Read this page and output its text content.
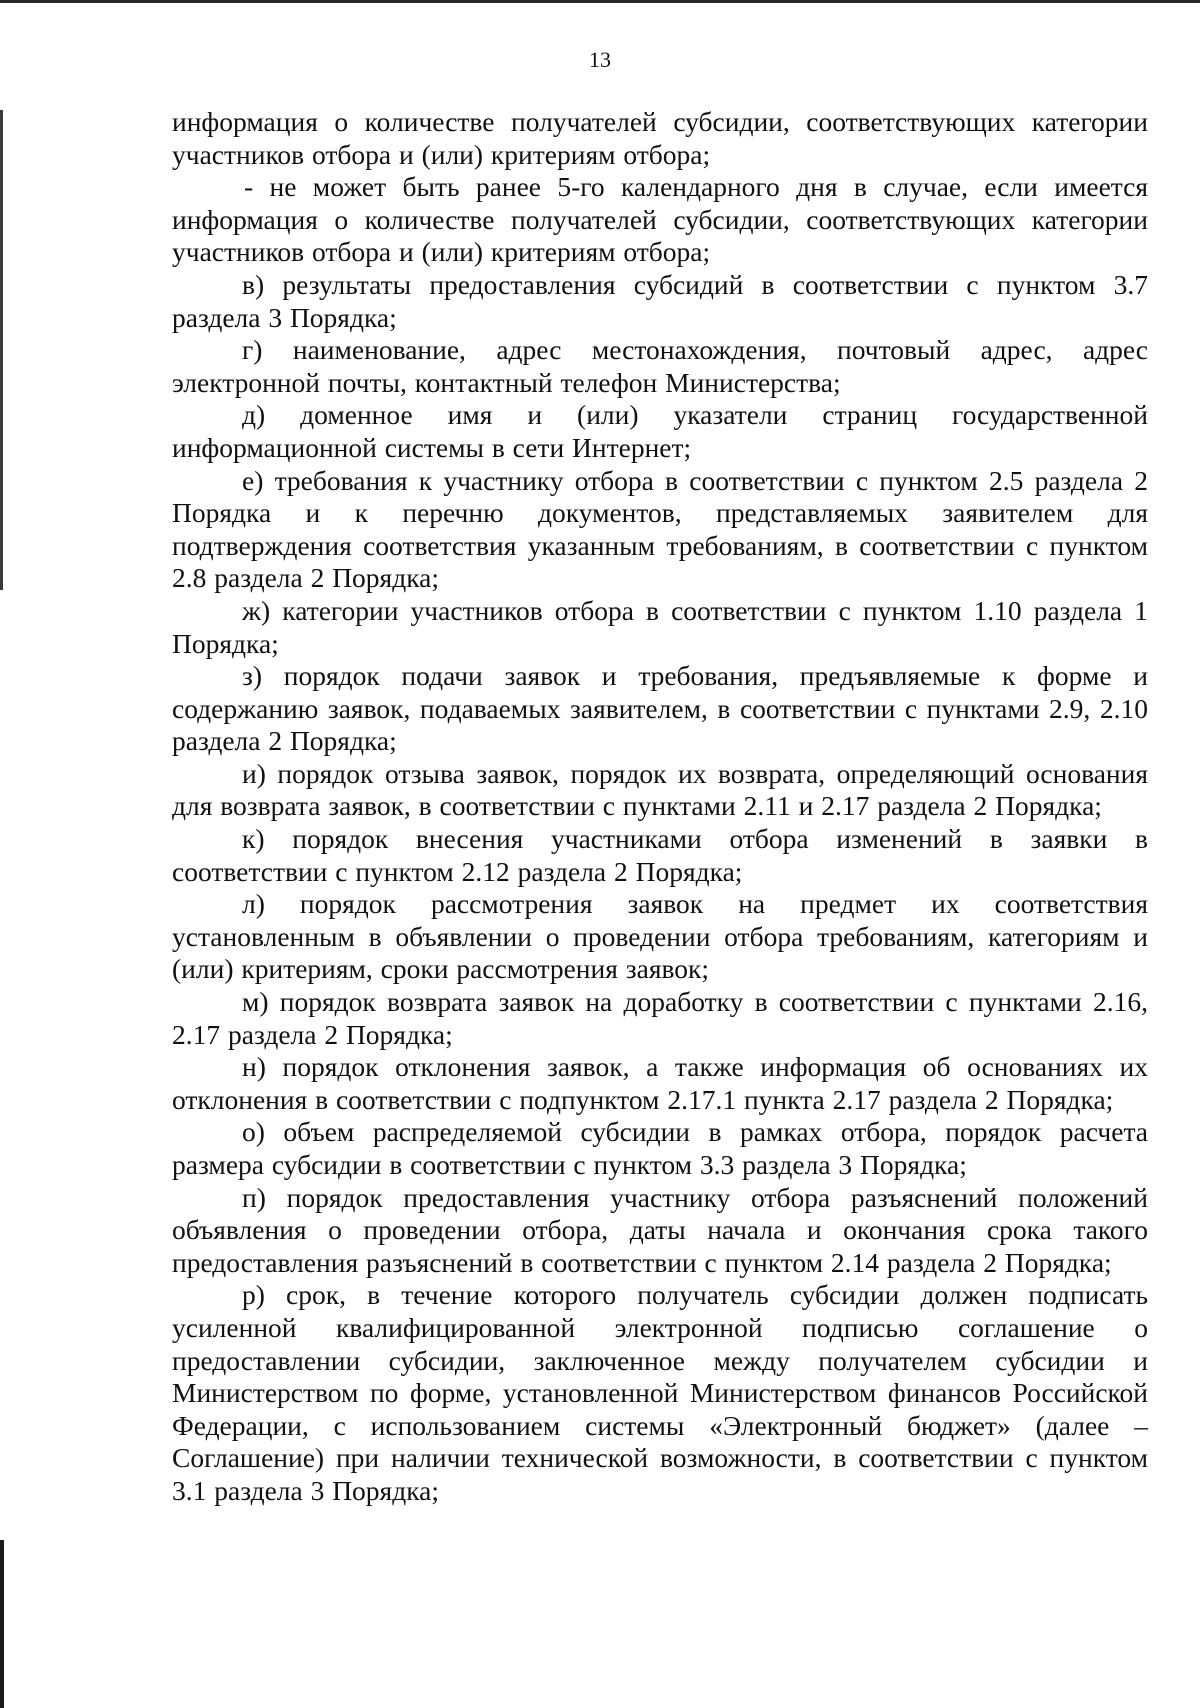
13

информация о количестве получателей субсидии, соответствующих категории участников отбора и (или) критериям отбора;

- не может быть ранее 5-го календарного дня в случае, если имеется информация о количестве получателей субсидии, соответствующих категории участников отбора и (или) критериям отбора;

в) результаты предоставления субсидий в соответствии с пунктом 3.7 раздела 3 Порядка;

г) наименование, адрес местонахождения, почтовый адрес, адрес электронной почты, контактный телефон Министерства;

д) доменное имя и (или) указатели страниц государственной информационной системы в сети Интернет;

е) требования к участнику отбора в соответствии с пунктом 2.5 раздела 2 Порядка и к перечню документов, представляемых заявителем для подтверждения соответствия указанным требованиям, в соответствии с пунктом 2.8 раздела 2 Порядка;

ж) категории участников отбора в соответствии с пунктом 1.10 раздела 1 Порядка;

з) порядок подачи заявок и требования, предъявляемые к форме и содержанию заявок, подаваемых заявителем, в соответствии с пунктами 2.9, 2.10 раздела 2 Порядка;

и) порядок отзыва заявок, порядок их возврата, определяющий основания для возврата заявок, в соответствии с пунктами 2.11 и 2.17 раздела 2 Порядка;

к) порядок внесения участниками отбора изменений в заявки в соответствии с пунктом 2.12 раздела 2 Порядка;

л) порядок рассмотрения заявок на предмет их соответствия установленным в объявлении о проведении отбора требованиям, категориям и (или) критериям, сроки рассмотрения заявок;

м) порядок возврата заявок на доработку в соответствии с пунктами 2.16, 2.17 раздела 2 Порядка;

н) порядок отклонения заявок, а также информация об основаниях их отклонения в соответствии с подпунктом 2.17.1 пункта 2.17 раздела 2 Порядка;

о) объем распределяемой субсидии в рамках отбора, порядок расчета размера субсидии в соответствии с пунктом 3.3 раздела 3 Порядка;

п) порядок предоставления участнику отбора разъяснений положений объявления о проведении отбора, даты начала и окончания срока такого предоставления разъяснений в соответствии с пунктом 2.14 раздела 2 Порядка;

р) срок, в течение которого получатель субсидии должен подписать усиленной квалифицированной электронной подписью соглашение о предоставлении субсидии, заключенное между получателем субсидии и Министерством по форме, установленной Министерством финансов Российской Федерации, с использованием системы «Электронный бюджет» (далее – Соглашение) при наличии технической возможности, в соответствии с пунктом 3.1 раздела 3 Порядка;
